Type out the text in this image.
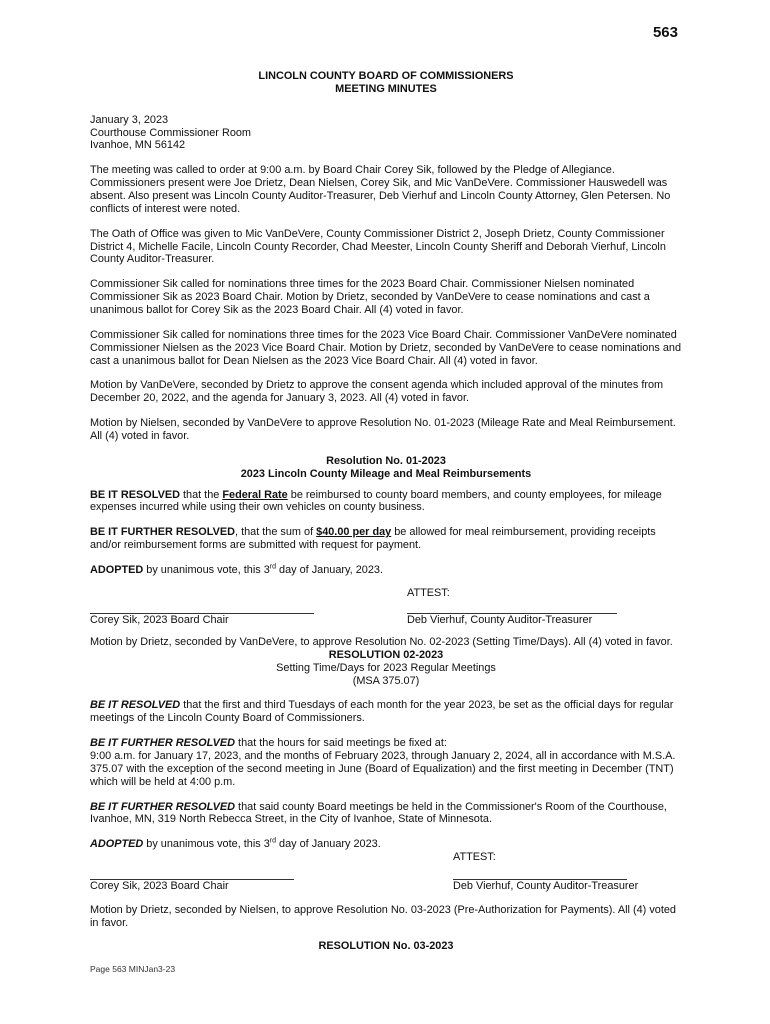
563
LINCOLN COUNTY BOARD OF COMMISSIONERS
MEETING MINUTES
January 3, 2023
Courthouse Commissioner Room
Ivanhoe, MN 56142

The meeting was called to order at 9:00 a.m. by Board Chair Corey Sik, followed by the Pledge of Allegiance. Commissioners present were Joe Drietz, Dean Nielsen, Corey Sik, and Mic VanDeVere. Commissioner Hauswedell was absent. Also present was Lincoln County Auditor-Treasurer, Deb Vierhuf and Lincoln County Attorney, Glen Petersen. No conflicts of interest were noted.

The Oath of Office was given to Mic VanDeVere, County Commissioner District 2, Joseph Drietz, County Commissioner District 4, Michelle Facile, Lincoln County Recorder, Chad Meester, Lincoln County Sheriff and Deborah Vierhuf, Lincoln County Auditor-Treasurer.

Commissioner Sik called for nominations three times for the 2023 Board Chair. Commissioner Nielsen nominated Commissioner Sik as 2023 Board Chair. Motion by Drietz, seconded by VanDeVere to cease nominations and cast a unanimous ballot for Corey Sik as the 2023 Board Chair. All (4) voted in favor.

Commissioner Sik called for nominations three times for the 2023 Vice Board Chair. Commissioner VanDeVere nominated Commissioner Nielsen as the 2023 Vice Board Chair. Motion by Drietz, seconded by VanDeVere to cease nominations and cast a unanimous ballot for Dean Nielsen as the 2023 Vice Board Chair. All (4) voted in favor.

Motion by VanDeVere, seconded by Drietz to approve the consent agenda which included approval of the minutes from December 20, 2022, and the agenda for January 3, 2023. All (4) voted in favor.

Motion by Nielsen, seconded by VanDeVere to approve Resolution No. 01-2023 (Mileage Rate and Meal Reimbursement. All (4) voted in favor.

Resolution No. 01-2023
2023 Lincoln County Mileage and Meal Reimbursements

BE IT RESOLVED that the Federal Rate be reimbursed to county board members, and county employees, for mileage expenses incurred while using their own vehicles on county business.

BE IT FURTHER RESOLVED, that the sum of $40.00 per day be allowed for meal reimbursement, providing receipts and/or reimbursement forms are submitted with request for payment.

ADOPTED by unanimous vote, this 3rd day of January, 2023.

ATTEST:
Corey Sik, 2023 Board Chair	Deb Vierhuf, County Auditor-Treasurer

Motion by Drietz, seconded by VanDeVere, to approve Resolution No. 02-2023 (Setting Time/Days). All (4) voted in favor.

RESOLUTION 02-2023
Setting Time/Days for 2023 Regular Meetings
(MSA 375.07)

BE IT RESOLVED that the first and third Tuesdays of each month for the year 2023, be set as the official days for regular meetings of the Lincoln County Board of Commissioners.

BE IT FURTHER RESOLVED that the hours for said meetings be fixed at:
9:00 a.m. for January 17, 2023, and the months of February 2023, through January 2, 2024, all in accordance with M.S.A. 375.07 with the exception of the second meeting in June (Board of Equalization) and the first meeting in December (TNT) which will be held at 4:00 p.m.

BE IT FURTHER RESOLVED that said county Board meetings be held in the Commissioner's Room of the Courthouse, Ivanhoe, MN, 319 North Rebecca Street, in the City of Ivanhoe, State of Minnesota.

ADOPTED by unanimous vote, this 3rd day of January 2023.

ATTEST:
Corey Sik, 2023 Board Chair	Deb Vierhuf, County Auditor-Treasurer

Motion by Drietz, seconded by Nielsen, to approve Resolution No. 03-2023 (Pre-Authorization for Payments). All (4) voted in favor.

RESOLUTION No. 03-2023
Page 563 MINJan3-23
